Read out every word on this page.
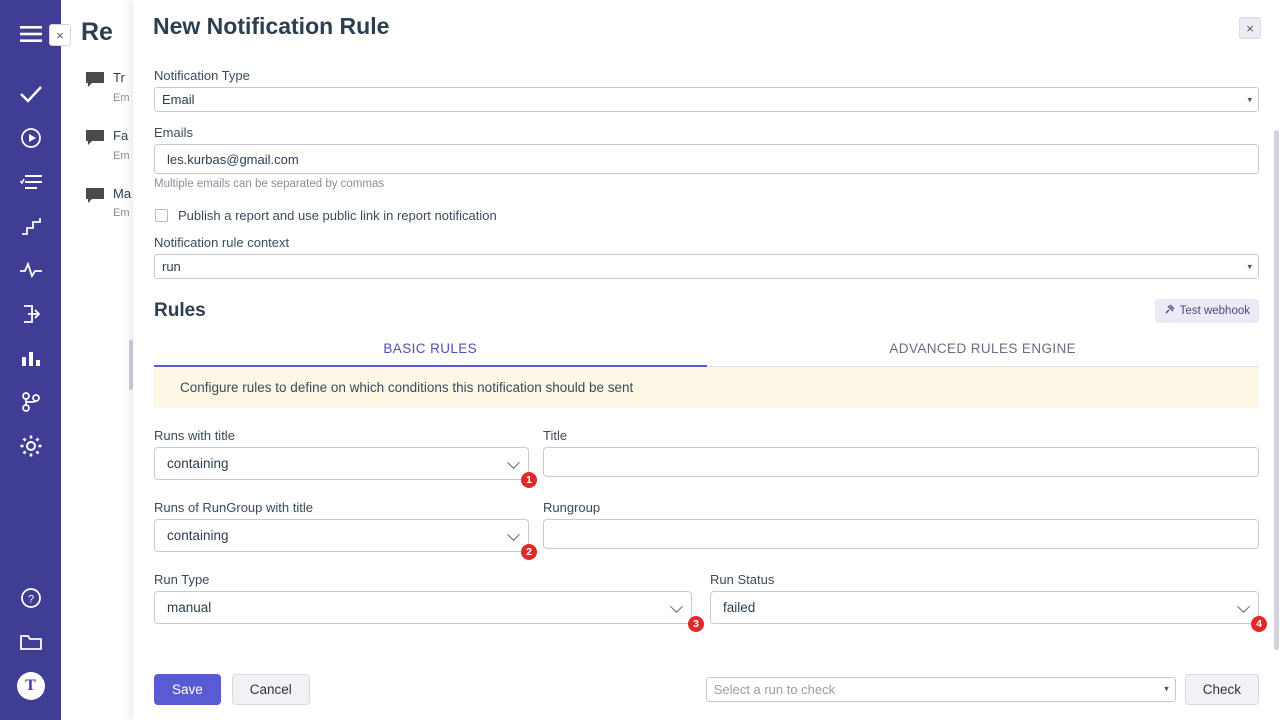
?
T
Re
Tr
Em
Fa
Em
Ma
Em
×	New Notification Rule	×
Notification Type
Email	▾
Emails
les.kurbas@gmail.com
Multiple emails can be separated by commas
Publish a report and use public link in report notification
Notification rule context
run	▾
Rules	Test webhook
BASIC RULES	ADVANCED RULES ENGINE
Configure rules to define on which conditions this notification should be sent
Runs with title
containing
1
Title
Runs of RunGroup with title
containing
2
Rungroup
Run Type
manual
3
Run Status
failed
4
Save	Cancel	Select a run to check	▾	Check
